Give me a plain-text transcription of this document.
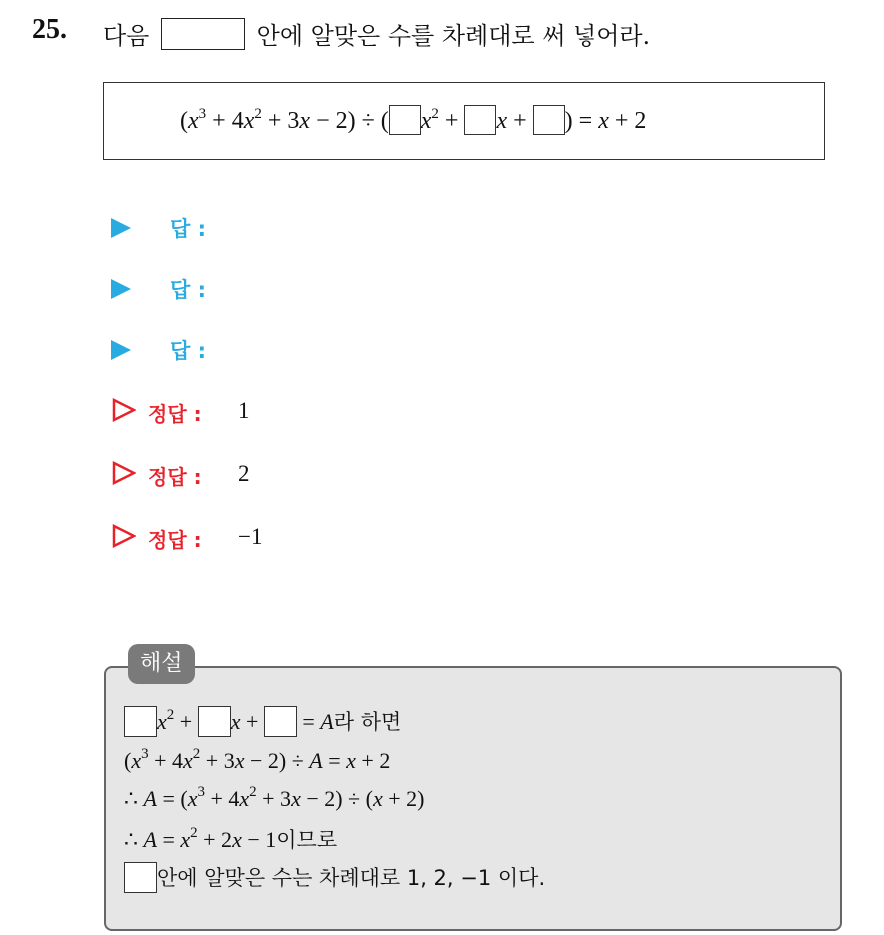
25. 다음	안에 알맞은 수를 차례대로 써 넣어라.
$(x^3 + 4x^2 + 3x - 2)$ ÷ ( $x^2 + x$ + ) = x + 2
답 :
답 :
답 :
정답 : 1
정답 : 2
정답 : −1
해설
$x^2 + x$ +  = A라 하면
$(x^3 + 4x^2 + 3x - 2) \div A = x + 2$
∴ $A = (x^3 + 4x^2 + 3x - 2) \div (x + 2)$
∴ $A = x^2 + 2x - 1$이므로
안에 알맞은 수는 차례대로 1, 2, −1 이다.
